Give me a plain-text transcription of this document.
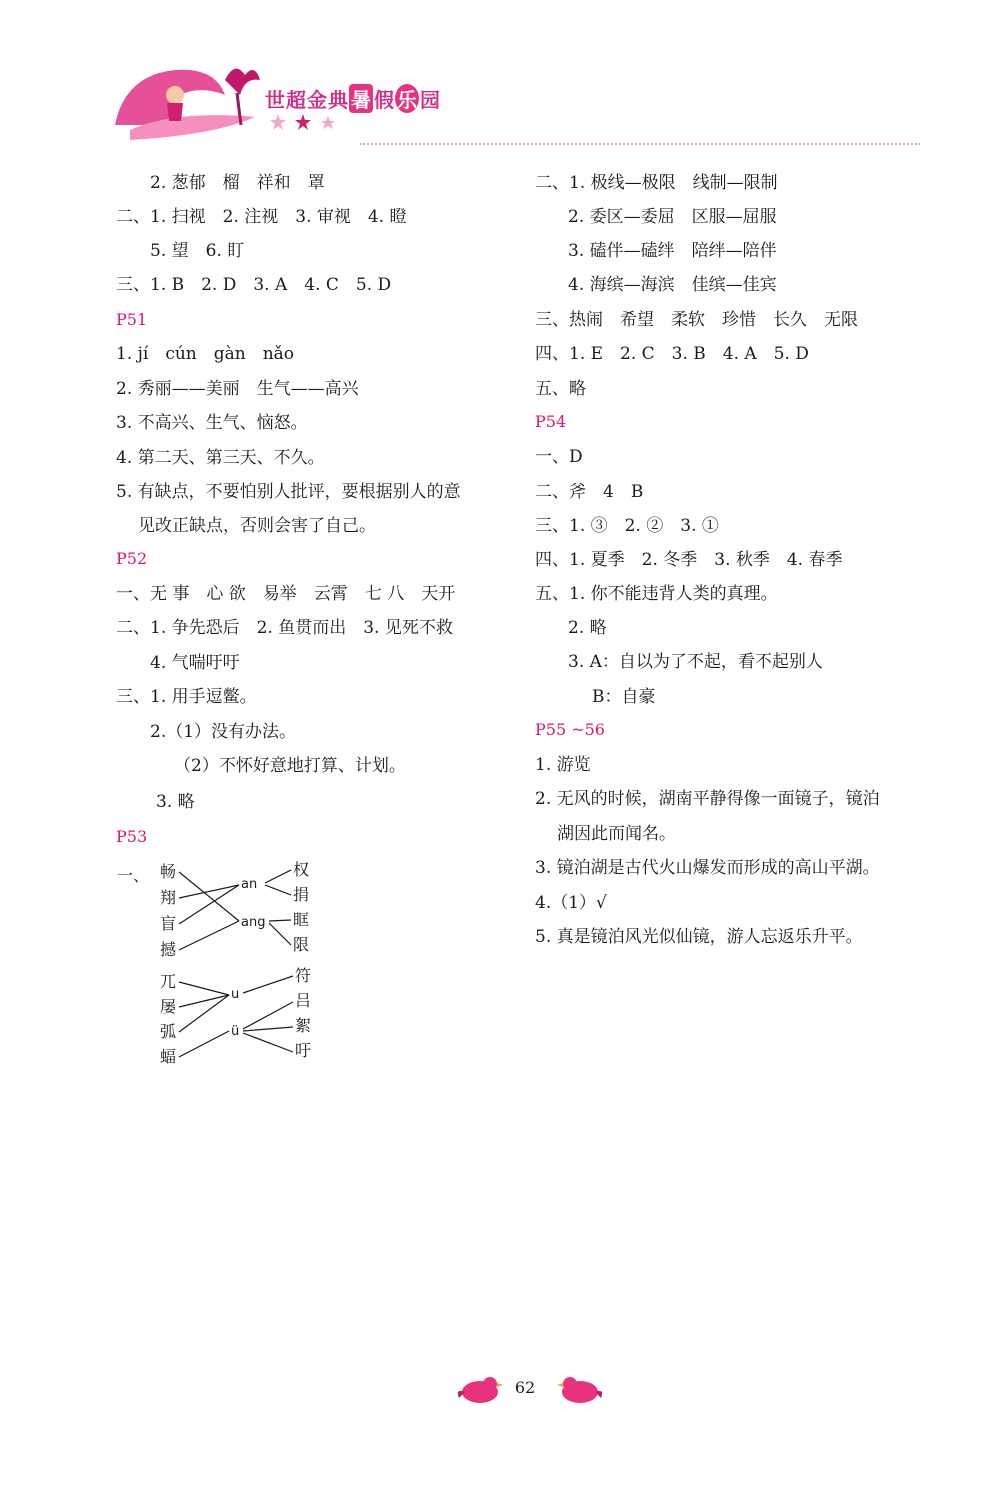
世 超 金 典 暑 假 乐 园
2. 葱郁　榴　祥和　罩
二、1. 扫视　2. 注视　3. 审视　4. 瞪
5. 望　6. 盯
三、1. B　2. D　3. A　4. C　5. D
P51
1. jí　cún　gàn　nǎo
2. 秀丽——美丽　生气——高兴
3. 不高兴、生气、恼怒。
4. 第二天、第三天、不久。
5. 有缺点，不要怕别人批评，要根据别人的意
见改正缺点，否则会害了自己。
P52
一、无 事　心 欲　易举　云霄　七 八　天开
二、1. 争先恐后　2. 鱼贯而出　3. 见死不救
4. 气喘吁吁
三、1. 用手逗鳖。
2.（1）没有办法。
（2）不怀好意地打算、计划。
3. 略
P53
一、 畅
翔
盲
撼
an
ang
权
捐
眶
限
兀
屡
弧
蝠
u
ü
符
吕
絮
吁
二、1. 极线—极限　线制—限制
2. 委区—委屈　区服—屈服
3. 磕伴—磕绊　陪绊—陪伴
4. 海缤—海滨　佳缤—佳宾
三、热闹　希望　柔软　珍惜　长久　无限
四、1. E　2. C　3. B　4. A　5. D
五、略
P54
一、D
二、斧　4　B
三、1. ③　2. ②　3. ①
四、1. 夏季　2. 冬季　3. 秋季　4. 春季
五、1. 你不能违背人类的真理。
2. 略
3. A：自以为了不起，看不起别人
B：自豪
P55 ~56
1. 游览
2. 无风的时候，湖南平静得像一面镜子，镜泊
湖因此而闻名。
3. 镜泊湖是古代火山爆发而形成的高山平湖。
4.（1）√
5. 真是镜泊风光似仙镜，游人忘返乐升平。
62
